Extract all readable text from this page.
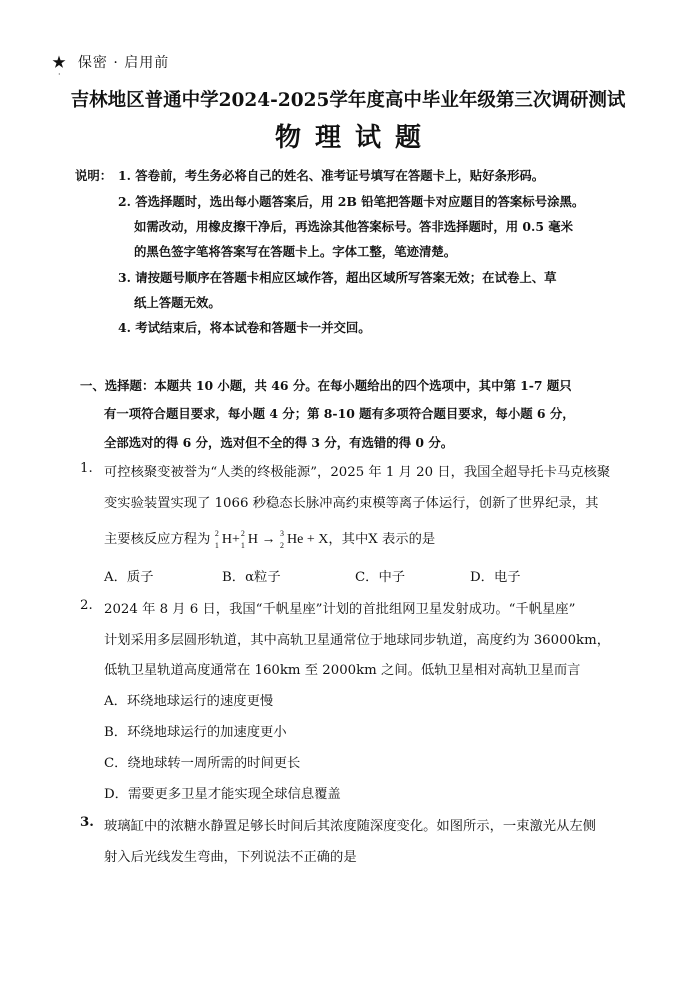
★ 保密 · 启用前
·
吉林地区普通中学2024-2025学年度高中毕业年级第三次调研测试
物理试题
说明： 1. 答卷前，考生务必将自己的姓名、准考证号填写在答题卡上，贴好条形码。
2. 答选择题时，选出每小题答案后，用 2B 铅笔把答题卡对应题目的答案标号涂黑。
如需改动，用橡皮擦干净后，再选涂其他答案标号。答非选择题时，用 0.5 毫米
的黑色签字笔将答案写在答题卡上。字体工整，笔迹清楚。
3. 请按题号顺序在答题卡相应区域作答，超出区域所写答案无效；在试卷上、草
纸上答题无效。
4. 考试结束后，将本试卷和答题卡一并交回。
一、选择题：本题共 10 小题，共 46 分。在每小题给出的四个选项中，其中第 1-7 题只
有一项符合题目要求，每小题 4 分；第 8-10 题有多项符合题目要求，每小题 6 分，
全部选对的得 6 分，选对但不全的得 3 分，有选错的得 0 分。
1. 可控核聚变被誉为“人类的终极能源”，2025 年 1 月 20 日，我国全超导托卡马克核聚
变实验装置实现了 1066 秒稳态长脉冲高约束模等离子体运行，创新了世界纪录，其
主要核反应方程为 2
1 H+ 2
1 H → 3
2 He + X，其中X 表示的是
A．质子	B．α粒子	C．中子	D．电子
2. 2024 年 8 月 6 日，我国“千帆星座”计划的首批组网卫星发射成功。“千帆星座”
计划采用多层圆形轨道，其中高轨卫星通常位于地球同步轨道，高度约为 36000km，
低轨卫星轨道高度通常在 160km 至 2000km 之间。低轨卫星相对高轨卫星而言
A．环绕地球运行的速度更慢
B．环绕地球运行的加速度更小
C．绕地球转一周所需的时间更长
D．需要更多卫星才能实现全球信息覆盖
3. 玻璃缸中的浓糖水静置足够长时间后其浓度随深度变化。如图所示，一束激光从左侧
射入后光线发生弯曲，下列说法不正确的是
